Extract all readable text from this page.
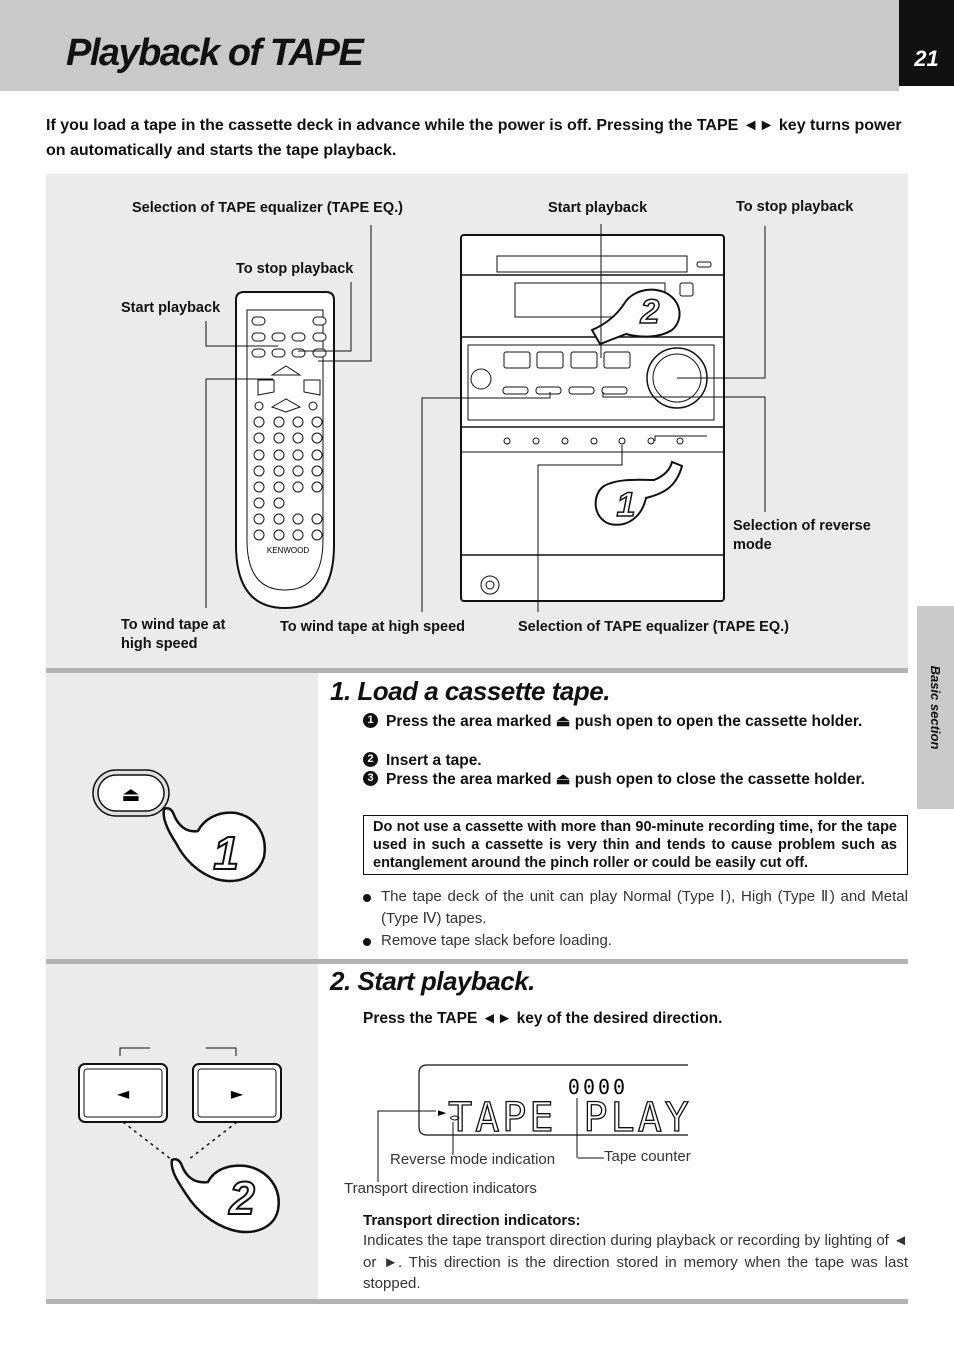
Playback of TAPE	21

If you load a tape in the cassette deck in advance while the power is off. Pressing the TAPE ◄► key turns power on automatically and starts the tape playback.

KENWOOD
2
1
Selection of TAPE equalizer (TAPE EQ.)
To stop playback
Start playback
To wind tape at high speed
Start playback	To stop playback
Selection of reverse mode
To wind tape at high speed	Selection of TAPE equalizer (TAPE EQ.)
Basic section
⏏
1
1. Load a cassette tape.
1 Press the area marked ⏏ push open to open the cassette holder.
2 Insert a tape.
3 Press the area marked ⏏ push open to close the cassette holder.
Do not use a cassette with more than 90-minute recording time, for the tape used in such a cassette is very thin and tends to cause problem such as entanglement around the pinch roller or could be easily cut off.
The tape deck of the unit can play Normal (Type Ⅰ), High (Type Ⅱ) and Metal (Type Ⅳ) tapes.
Remove tape slack before loading.
◄	►
2
2. Start playback.
Press the TAPE ◄► key of the desired direction.
0000
TAPE PLAY
►
Reverse mode indication	Tape counter
Transport direction indicators
Transport direction indicators:
Indicates the tape transport direction during playback or recording by lighting of ◄ or ►. This direction is the direction stored in memory when the tape was last stopped.
